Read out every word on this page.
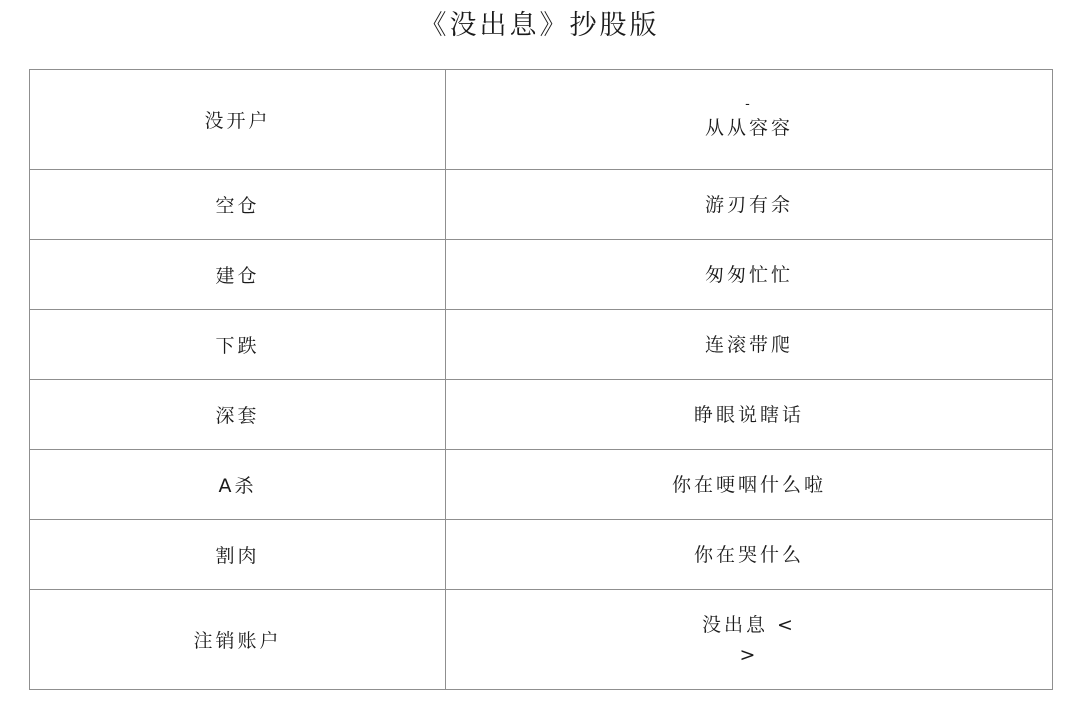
《没出息》抄股版
没开户	-
从从容容

空仓	游刃有余

建仓	匆匆忙忙

下跌	连滚带爬

深套	睁眼说瞎话

A杀	你在哽咽什么啦

割肉	你在哭什么

注销账户	没出息 <
>
